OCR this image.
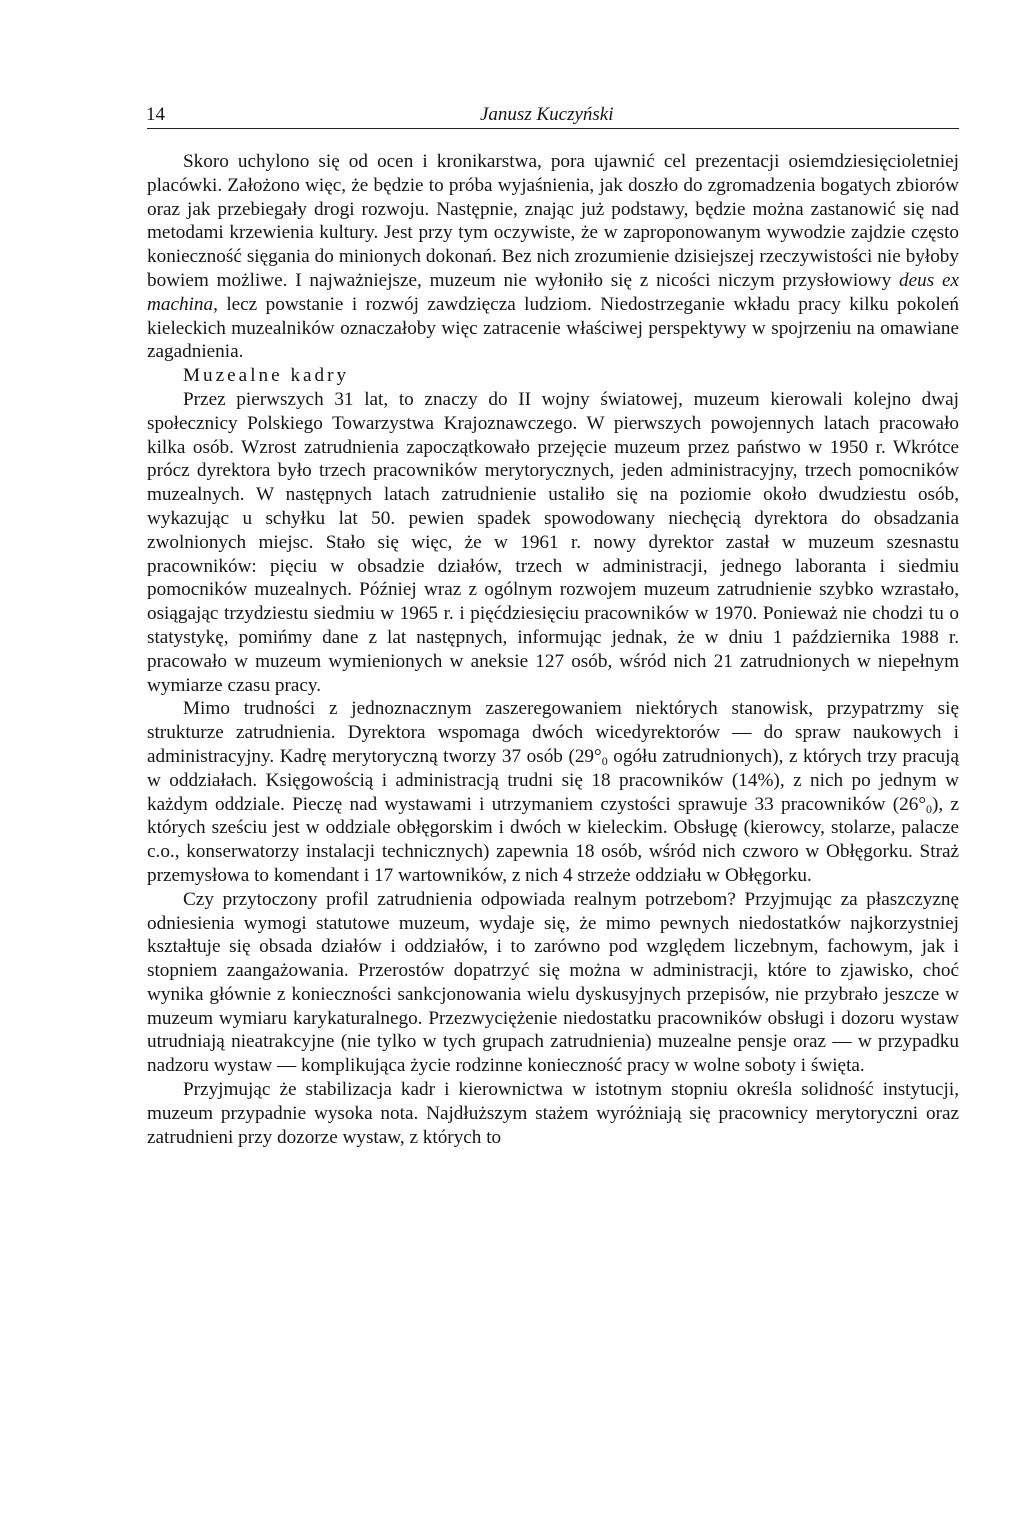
14	Janusz Kuczyński

Skoro uchylono się od ocen i kronikarstwa, pora ujawnić cel prezentacji osiemdziesięcioletniej placówki. Założono więc, że będzie to próba wyjaśnienia, jak doszło do zgromadzenia bogatych zbiorów oraz jak przebiegały drogi rozwoju. Następnie, znając już podstawy, będzie można zastanowić się nad metodami krzewienia kultury. Jest przy tym oczywiste, że w zaproponowanym wywodzie zajdzie często konieczność sięgania do minionych dokonań. Bez nich zrozumienie dzisiejszej rzeczywistości nie byłoby bowiem możliwe. I najważniejsze, muzeum nie wyłoniło się z nicości niczym przysłowiowy deus ex machina, lecz powstanie i rozwój zawdzięcza ludziom. Niedostrzeganie wkładu pracy kilku pokoleń kieleckich muzealników oznaczałoby więc zatracenie właściwej perspektywy w spojrzeniu na omawiane zagadnienia.

Muzealne kadry

Przez pierwszych 31 lat, to znaczy do II wojny światowej, muzeum kierowali kolejno dwaj społecznicy Polskiego Towarzystwa Krajoznawczego. W pierwszych powojennych latach pracowało kilka osób. Wzrost zatrudnienia zapoczątkowało przejęcie muzeum przez państwo w 1950 r. Wkrótce prócz dyrektora było trzech pracowników merytorycznych, jeden administracyjny, trzech pomocników muzealnych. W następnych latach zatrudnienie ustaliło się na poziomie około dwudziestu osób, wykazując u schyłku lat 50. pewien spadek spowodowany niechęcią dyrektora do obsadzania zwolnionych miejsc. Stało się więc, że w 1961 r. nowy dyrektor zastał w muzeum szesnastu pracowników: pięciu w obsadzie działów, trzech w administracji, jednego laboranta i siedmiu pomocników muzealnych. Później wraz z ogólnym rozwojem muzeum zatrudnienie szybko wzrastało, osiągając trzydziestu siedmiu w 1965 r. i pięćdziesięciu pracowników w 1970. Ponieważ nie chodzi tu o statystykę, pomińmy dane z lat następnych, informując jednak, że w dniu 1 października 1988 r. pracowało w muzeum wymienionych w aneksie 127 osób, wśród nich 21 zatrudnionych w niepełnym wymiarze czasu pracy.

Mimo trudności z jednoznacznym zaszeregowaniem niektórych stanowisk, przypatrzmy się strukturze zatrudnienia. Dyrektora wspomaga dwóch wicedyrektorów — do spraw naukowych i administracyjny. Kadrę merytoryczną tworzy 37 osób ($29^\circ_0$ ogółu zatrudnionych), z których trzy pracują w oddziałach. Księgowością i administracją trudni się 18 pracowników (14%), z nich po jednym w każdym oddziale. Pieczę nad wystawami i utrzymaniem czystości sprawuje 33 pracowników $(26^\circ_0)$, z których sześciu jest w oddziale obłęgorskim i dwóch w kieleckim. Obsługę (kierowcy, stolarze, palacze c.o., konserwatorzy instalacji technicznych) zapewnia 18 osób, wśród nich czworo w Obłęgorku. Straż przemysłowa to komendant i 17 wartowników, z nich 4 strzeże oddziału w Obłęgorku.

Czy przytoczony profil zatrudnienia odpowiada realnym potrzebom? Przyjmując za płaszczyznę odniesienia wymogi statutowe muzeum, wydaje się, że mimo pewnych niedostatków najkorzystniej kształtuje się obsada działów i oddziałów, i to zarówno pod względem liczebnym, fachowym, jak i stopniem zaangażowania. Przerostów dopatrzyć się można w administracji, które to zjawisko, choć wynika głównie z konieczności sankcjonowania wielu dyskusyjnych przepisów, nie przybrało jeszcze w muzeum wymiaru karykaturalnego. Przezwyciężenie niedostatku pracowników obsługi i dozoru wystaw utrudniają nieatrakcyjne (nie tylko w tych grupach zatrudnienia) muzealne pensje oraz — w przypadku nadzoru wystaw — komplikująca życie rodzinne konieczność pracy w wolne soboty i święta.

Przyjmując że stabilizacja kadr i kierownictwa w istotnym stopniu określa solidność instytucji, muzeum przypadnie wysoka nota. Najdłuższym stażem wyróżniają się pracownicy merytoryczni oraz zatrudnieni przy dozorze wystaw, z których to
